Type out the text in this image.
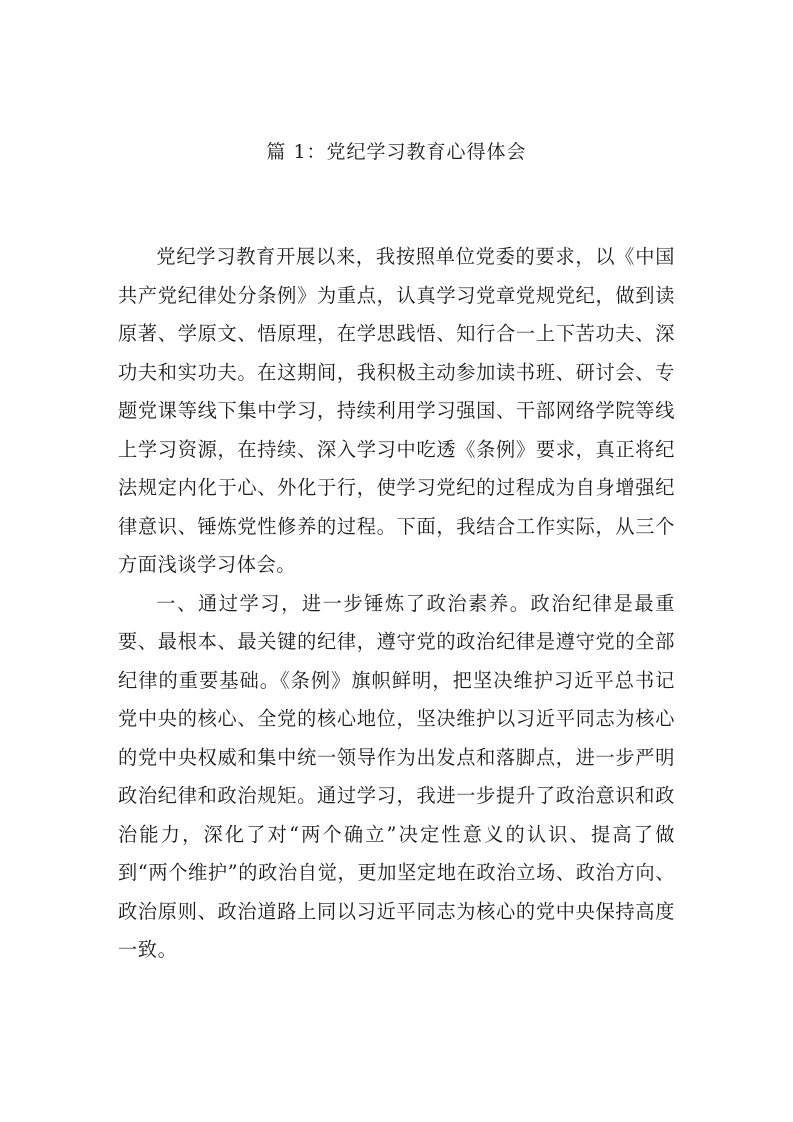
篇 1：党纪学习教育心得体会

党纪学习教育开展以来，我按照单位党委的要求，以《中国共产党纪律处分条例》为重点，认真学习党章党规党纪，做到读原著、学原文、悟原理，在学思践悟、知行合一上下苦功夫、深功夫和实功夫。在这期间，我积极主动参加读书班、研讨会、专题党课等线下集中学习，持续利用学习强国、干部网络学院等线上学习资源，在持续、深入学习中吃透《条例》要求，真正将纪法规定内化于心、外化于行，使学习党纪的过程成为自身增强纪律意识、锤炼党性修养的过程。下面，我结合工作实际，从三个方面浅谈学习体会。

一、通过学习，进一步锤炼了政治素养。政治纪律是最重要、最根本、最关键的纪律，遵守党的政治纪律是遵守党的全部纪律的重要基础。《条例》旗帜鲜明，把坚决维护习近平总书记党中央的核心、全党的核心地位，坚决维护以习近平同志为核心的党中央权威和集中统一领导作为出发点和落脚点，进一步严明政治纪律和政治规矩。通过学习，我进一步提升了政治意识和政治能力，深化了对“两个确立”决定性意义的认识、提高了做到“两个维护”的政治自觉，更加坚定地在政治立场、政治方向、政治原则、政治道路上同以习近平同志为核心的党中央保持高度一致。
